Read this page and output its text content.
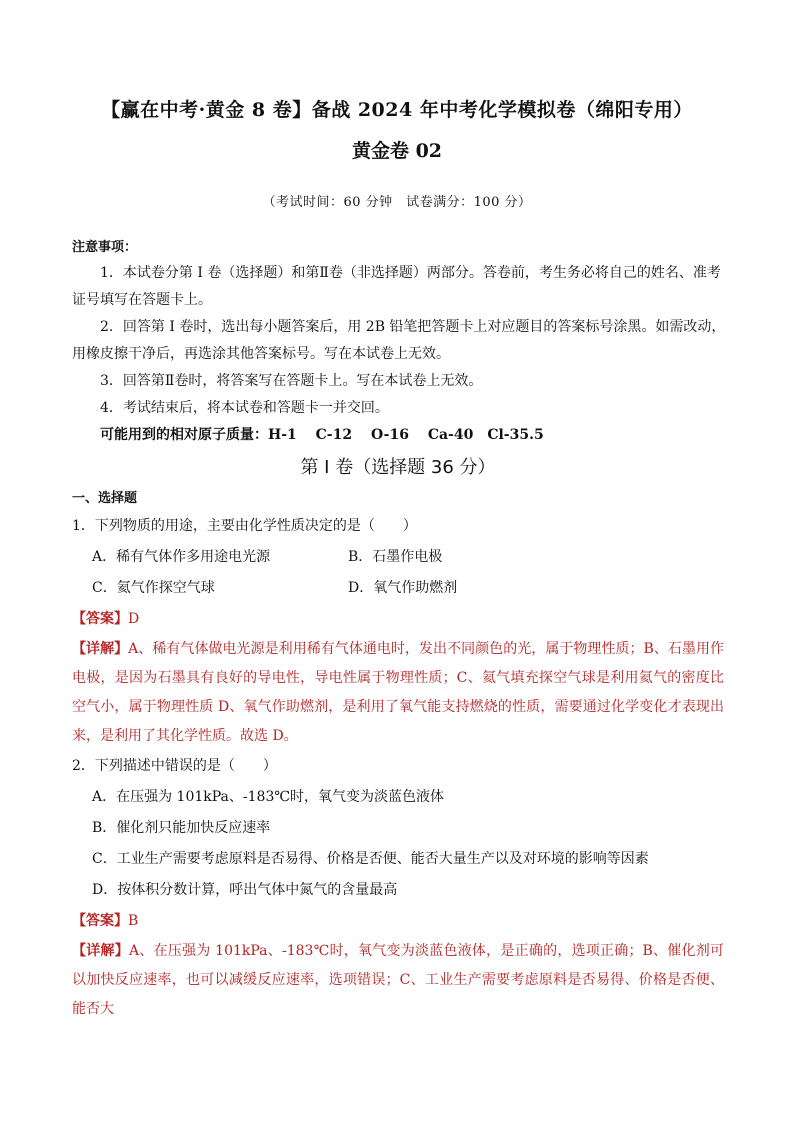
【赢在中考·黄金 8 卷】备战 2024 年中考化学模拟卷（绵阳专用）
黄金卷 02
（考试时间：60 分钟　试卷满分：100 分）
注意事项：
1．本试卷分第 I 卷（选择题）和第Ⅱ卷（非选择题）两部分。答卷前，考生务必将自己的姓名、准考
证号填写在答题卡上。
2．回答第 I 卷时，选出每小题答案后，用 2B 铅笔把答题卡上对应题目的答案标号涂黑。如需改动，
用橡皮擦干净后，再选涂其他答案标号。写在本试卷上无效。
3．回答第Ⅱ卷时，将答案写在答题卡上。写在本试卷上无效。
4．考试结束后，将本试卷和答题卡一并交回。
可能用到的相对原子质量：H-1　 C-12　 O-16　 Ca-40　Cl-35.5
第 I 卷（选择题 36 分）
一、选择题
1．下列物质的用途，主要由化学性质决定的是（　　）
A．稀有气体作多用途电光源	B．石墨作电极
C．氦气作探空气球	D．氧气作助燃剂
【答案】D
【详解】A、稀有气体做电光源是利用稀有气体通电时，发出不同颜色的光，属于物理性质；B、石墨用作电极，是因为石墨具有良好的导电性，导电性属于物理性质；C、氦气填充探空气球是利用氦气的密度比空气小，属于物理性质 D、氧气作助燃剂，是利用了氧气能支持燃烧的性质，需要通过化学变化才表现出来，是利用了其化学性质。故选 D。
2．下列描述中错误的是（　　）
A．在压强为 101kPa、-183℃时，氧气变为淡蓝色液体
B．催化剂只能加快反应速率
C．工业生产需要考虑原料是否易得、价格是否便、能否大量生产以及对环境的影响等因素
D．按体积分数计算，呼出气体中氮气的含量最高
【答案】B
【详解】A、在压强为 101kPa、-183℃时，氧气变为淡蓝色液体，是正确的，选项正确；B、催化剂可以加快反应速率，也可以减缓反应速率，选项错误；C、工业生产需要考虑原料是否易得、价格是否便、能否大
